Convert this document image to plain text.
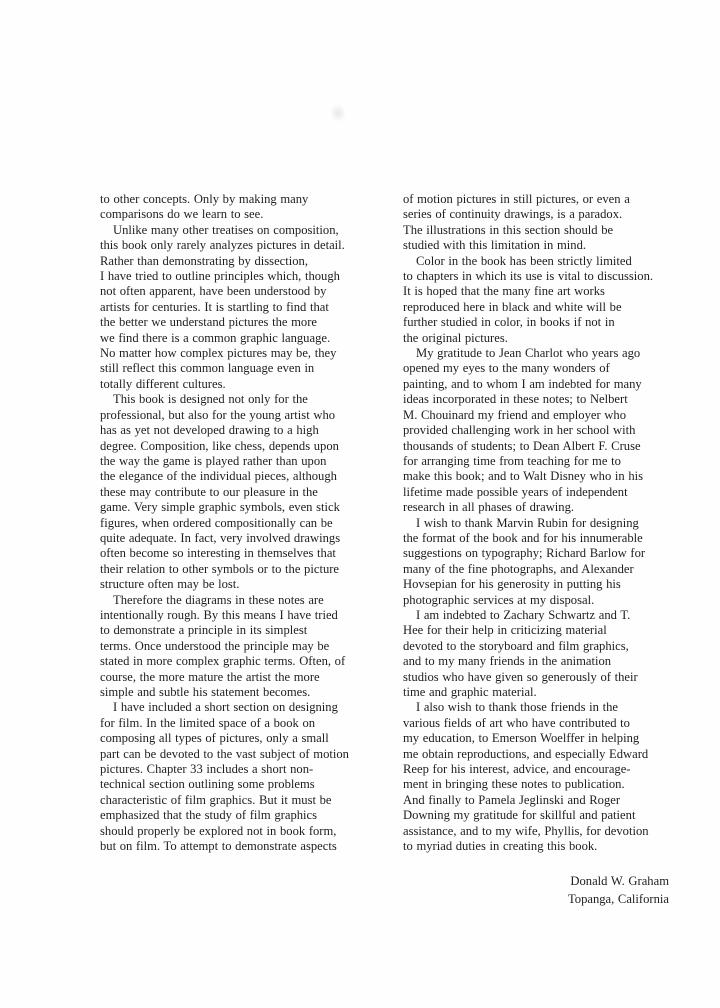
to other concepts. Only by making many
comparisons do we learn to see.
Unlike many other treatises on composition,
this book only rarely analyzes pictures in detail.
Rather than demonstrating by dissection,
I have tried to outline principles which, though
not often apparent, have been understood by
artists for centuries. It is startling to find that
the better we understand pictures the more
we find there is a common graphic language.
No matter how complex pictures may be, they
still reflect this common language even in
totally different cultures.
This book is designed not only for the
professional, but also for the young artist who
has as yet not developed drawing to a high
degree. Composition, like chess, depends upon
the way the game is played rather than upon
the elegance of the individual pieces, although
these may contribute to our pleasure in the
game. Very simple graphic symbols, even stick
figures, when ordered compositionally can be
quite adequate. In fact, very involved drawings
often become so interesting in themselves that
their relation to other symbols or to the picture
structure often may be lost.
Therefore the diagrams in these notes are
intentionally rough. By this means I have tried
to demonstrate a principle in its simplest
terms. Once understood the principle may be
stated in more complex graphic terms. Often, of
course, the more mature the artist the more
simple and subtle his statement becomes.
I have included a short section on designing
for film. In the limited space of a book on
composing all types of pictures, only a small
part can be devoted to the vast subject of motion
pictures. Chapter 33 includes a short non-
technical section outlining some problems
characteristic of film graphics. But it must be
emphasized that the study of film graphics
should properly be explored not in book form,
but on film. To attempt to demonstrate aspects
of motion pictures in still pictures, or even a
series of continuity drawings, is a paradox.
The illustrations in this section should be
studied with this limitation in mind.
Color in the book has been strictly limited
to chapters in which its use is vital to discussion.
It is hoped that the many fine art works
reproduced here in black and white will be
further studied in color, in books if not in
the original pictures.
My gratitude to Jean Charlot who years ago
opened my eyes to the many wonders of
painting, and to whom I am indebted for many
ideas incorporated in these notes; to Nelbert
M. Chouinard my friend and employer who
provided challenging work in her school with
thousands of students; to Dean Albert F. Cruse
for arranging time from teaching for me to
make this book; and to Walt Disney who in his
lifetime made possible years of independent
research in all phases of drawing.
I wish to thank Marvin Rubin for designing
the format of the book and for his innumerable
suggestions on typography; Richard Barlow for
many of the fine photographs, and Alexander
Hovsepian for his generosity in putting his
photographic services at my disposal.
I am indebted to Zachary Schwartz and T.
Hee for their help in criticizing material
devoted to the storyboard and film graphics,
and to my many friends in the animation
studios who have given so generously of their
time and graphic material.
I also wish to thank those friends in the
various fields of art who have contributed to
my education, to Emerson Woelffer in helping
me obtain reproductions, and especially Edward
Reep for his interest, advice, and encourage-
ment in bringing these notes to publication.
And finally to Pamela Jeglinski and Roger
Downing my gratitude for skillful and patient
assistance, and to my wife, Phyllis, for devotion
to myriad duties in creating this book.
Donald W. Graham
Topanga, California
